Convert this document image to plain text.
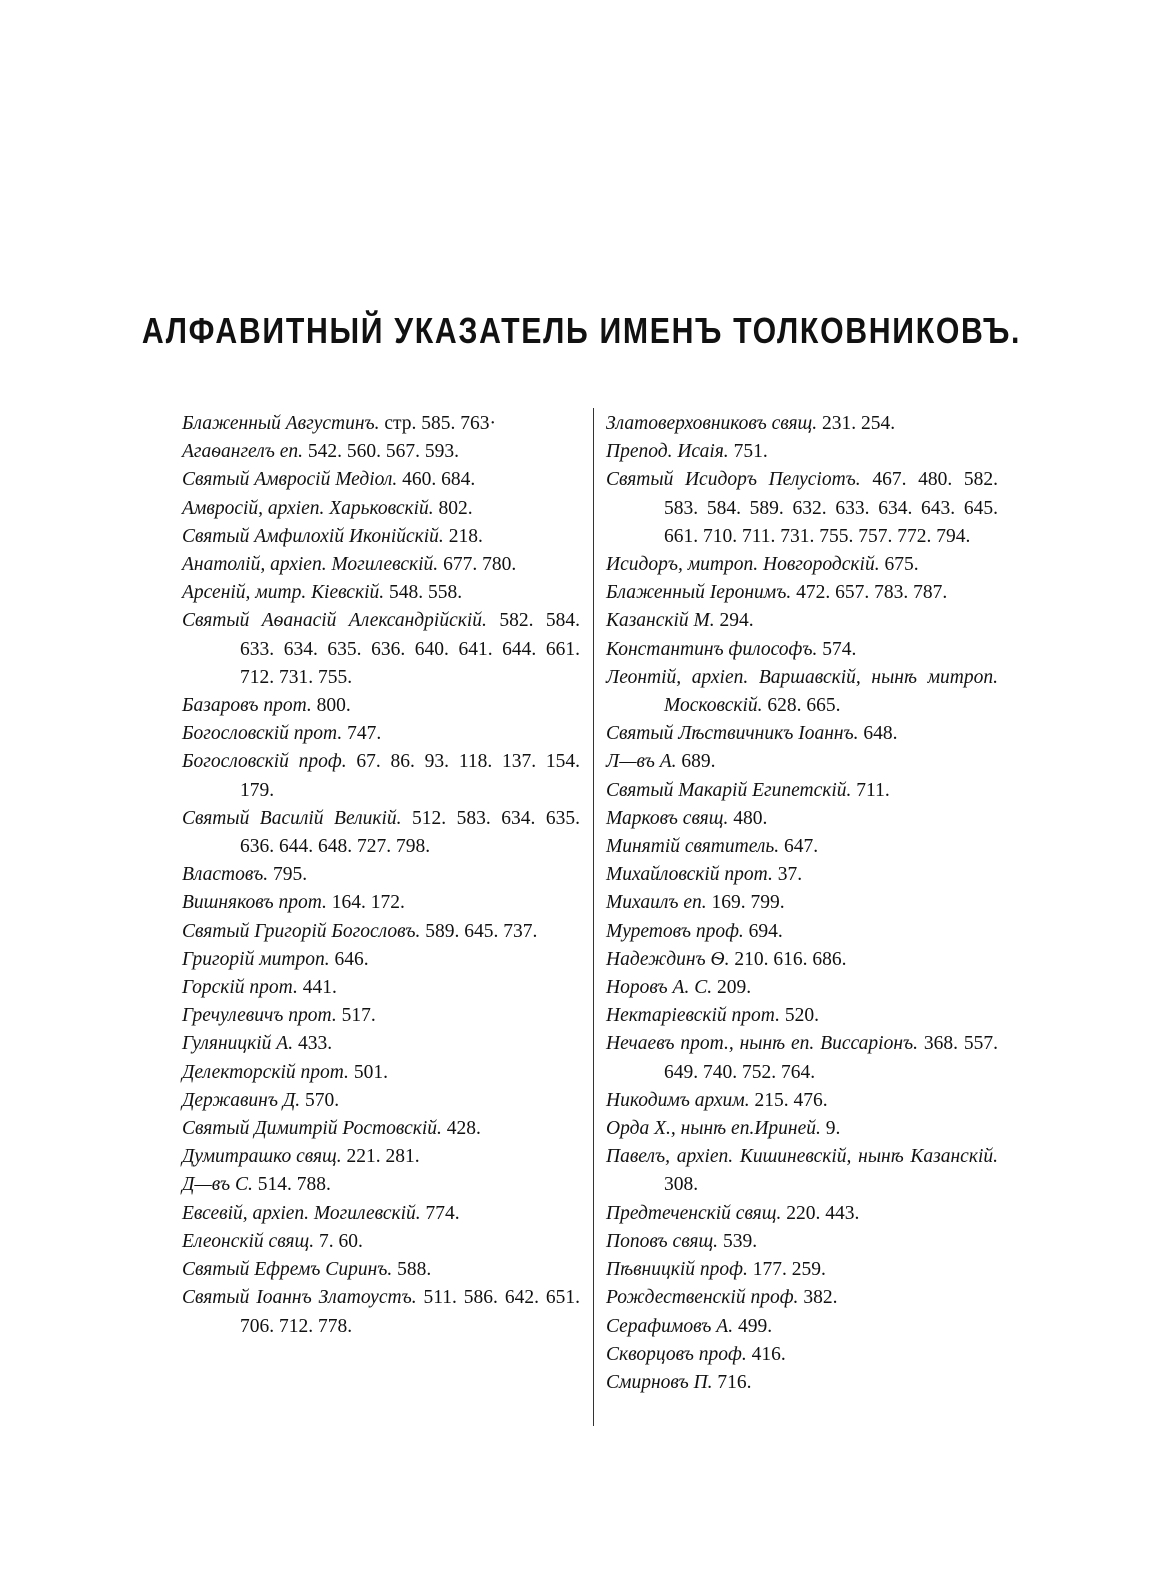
АЛФАВИТНЫЙ УКАЗАТЕЛЬ ИМЕНЪ ТОЛКОВНИКОВЪ.

Блаженный Августинъ. стр. 585. 763·

Агаѳангелъ еп. 542. 560. 567. 593.

Святый Амвросій Медіол. 460. 684.

Амвросій, архіеп. Харьковскій. 802.

Святый Амфилохій Иконійскій. 218.

Анатолій, архіеп. Могилевскій. 677. 780.

Арсеній, митр. Кіевскій. 548. 558.

Святый Аѳанасій Александрійскій. 582. 584. 633. 634. 635. 636. 640. 641. 644. 661. 712. 731. 755.

Базаровъ прот. 800.

Богословскій прот. 747.

Богословскій проф. 67. 86. 93. 118. 137. 154. 179.

Святый Василій Великій. 512. 583. 634. 635. 636. 644. 648. 727. 798.

Властовъ. 795.

Вишняковъ прот. 164. 172.

Святый Григорій Богословъ. 589. 645. 737.

Григорій митроп. 646.

Горскій прот. 441.

Гречулевичъ прот. 517.

Гуляницкій А. 433.

Делекторскій прот. 501.

Державинъ Д. 570.

Святый Димитрій Ростовскій. 428.

Думитрашко свящ. 221. 281.

Д—въ С. 514. 788.

Евсевій, архіеп. Могилевскій. 774.

Елеонскій свящ. 7. 60.

Святый Ефремъ Сиринъ. 588.

Святый Іоаннъ Златоустъ. 511. 586. 642. 651. 706. 712. 778.

Златоверховниковъ свящ. 231. 254.

Препод. Исаія. 751.

Святый Исидоръ Пелусіотъ. 467. 480. 582. 583. 584. 589. 632. 633. 634. 643. 645. 661. 710. 711. 731. 755. 757. 772. 794.

Исидоръ, митроп. Новгородскій. 675.

Блаженный Іеронимъ. 472. 657. 783. 787.

Казанскій М. 294.

Константинъ философъ. 574.

Леонтій, архіеп. Варшавскій, нынѣ митроп. Московскій. 628. 665.

Святый Лѣствичникъ Іоаннъ. 648.

Л—въ А. 689.

Святый Макарій Египетскій. 711.

Марковъ свящ. 480.

Минятій святитель. 647.

Михайловскій прот. 37.

Михаилъ еп. 169. 799.

Муретовъ проф. 694.

Надеждинъ Ѳ. 210. 616. 686.

Норовъ А. С. 209.

Нектаріевскій прот. 520.

Нечаевъ прот., нынѣ еп. Виссаріонъ. 368. 557. 649. 740. 752. 764.

Никодимъ архим. 215. 476.

Орда X., нынѣ еп.Ириней. 9.

Павелъ, архіеп. Кишиневскій, нынѣ Казанскій. 308.

Предтеченскій свящ. 220. 443.

Поповъ свящ. 539.

Пѣвницкій проф. 177. 259.

Рождественскій проф. 382.

Серафимовъ А. 499.

Скворцовъ проф. 416.

Смирновъ П. 716.
